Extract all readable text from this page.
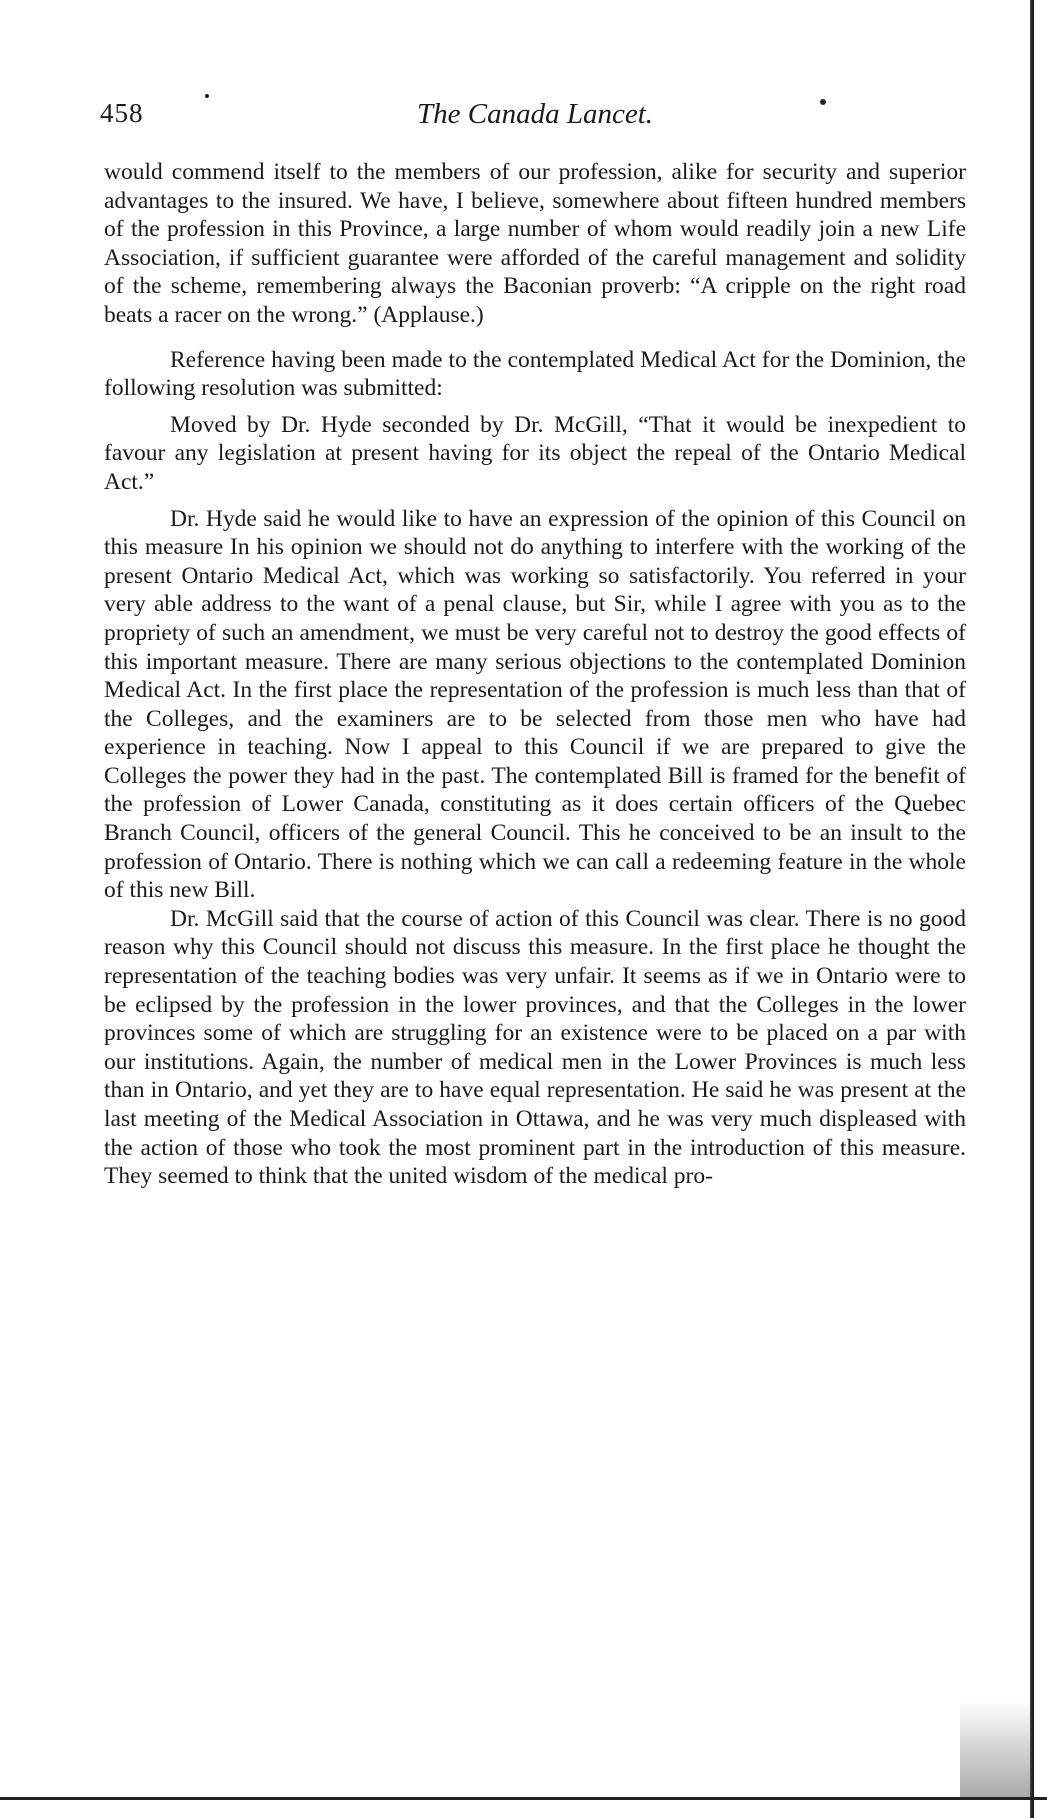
458	The Canada Lancet.

would commend itself to the members of our profession, alike for security and superior advantages to the insured. We have, I believe, somewhere about fifteen hundred members of the profession in this Province, a large number of whom would readily join a new Life Association, if sufficient guarantee were afforded of the careful management and solidity of the scheme, remembering always the Baconian proverb: “A cripple on the right road beats a racer on the wrong.” (Applause.)

Reference having been made to the contemplated Medical Act for the Dominion, the following resolution was submitted:

Moved by Dr. Hyde seconded by Dr. McGill, “That it would be inexpedient to favour any legislation at present having for its object the repeal of the Ontario Medical Act.”

Dr. Hyde said he would like to have an expression of the opinion of this Council on this measure In his opinion we should not do anything to interfere with the working of the present Ontario Medical Act, which was working so satisfactorily. You referred in your very able address to the want of a penal clause, but Sir, while I agree with you as to the propriety of such an amendment, we must be very careful not to destroy the good effects of this important measure. There are many serious objections to the contemplated Dominion Medical Act. In the first place the representation of the profession is much less than that of the Colleges, and the examiners are to be selected from those men who have had experience in teaching. Now I appeal to this Council if we are prepared to give the Colleges the power they had in the past. The contemplated Bill is framed for the benefit of the profession of Lower Canada, constituting as it does certain officers of the Quebec Branch Council, officers of the general Council. This he conceived to be an insult to the profession of Ontario. There is nothing which we can call a redeeming feature in the whole of this new Bill.

Dr. McGill said that the course of action of this Council was clear. There is no good reason why this Council should not discuss this measure. In the first place he thought the representation of the teaching bodies was very unfair. It seems as if we in Ontario were to be eclipsed by the profession in the lower provinces, and that the Colleges in the lower provinces some of which are struggling for an existence were to be placed on a par with our institutions. Again, the number of medical men in the Lower Provinces is much less than in Ontario, and yet they are to have equal representation. He said he was present at the last meeting of the Medical Association in Ottawa, and he was very much displeased with the action of those who took the most prominent part in the introduction of this measure. They seemed to think that the united wisdom of the medical pro-
